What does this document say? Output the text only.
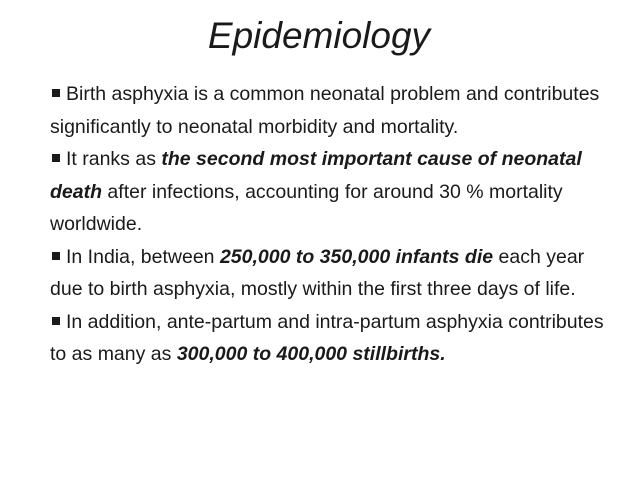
Epidemiology

Birth asphyxia is a common neonatal problem and contributes significantly to neonatal morbidity and mortality.

It ranks as the second most important cause of neonatal death after infections, accounting for around 30 % mortality worldwide.

In India, between 250,000 to 350,000 infants die each year due to birth asphyxia, mostly within the first three days of life.

In addition, ante-partum and intra-partum asphyxia contributes to as many as 300,000 to 400,000 stillbirths.
